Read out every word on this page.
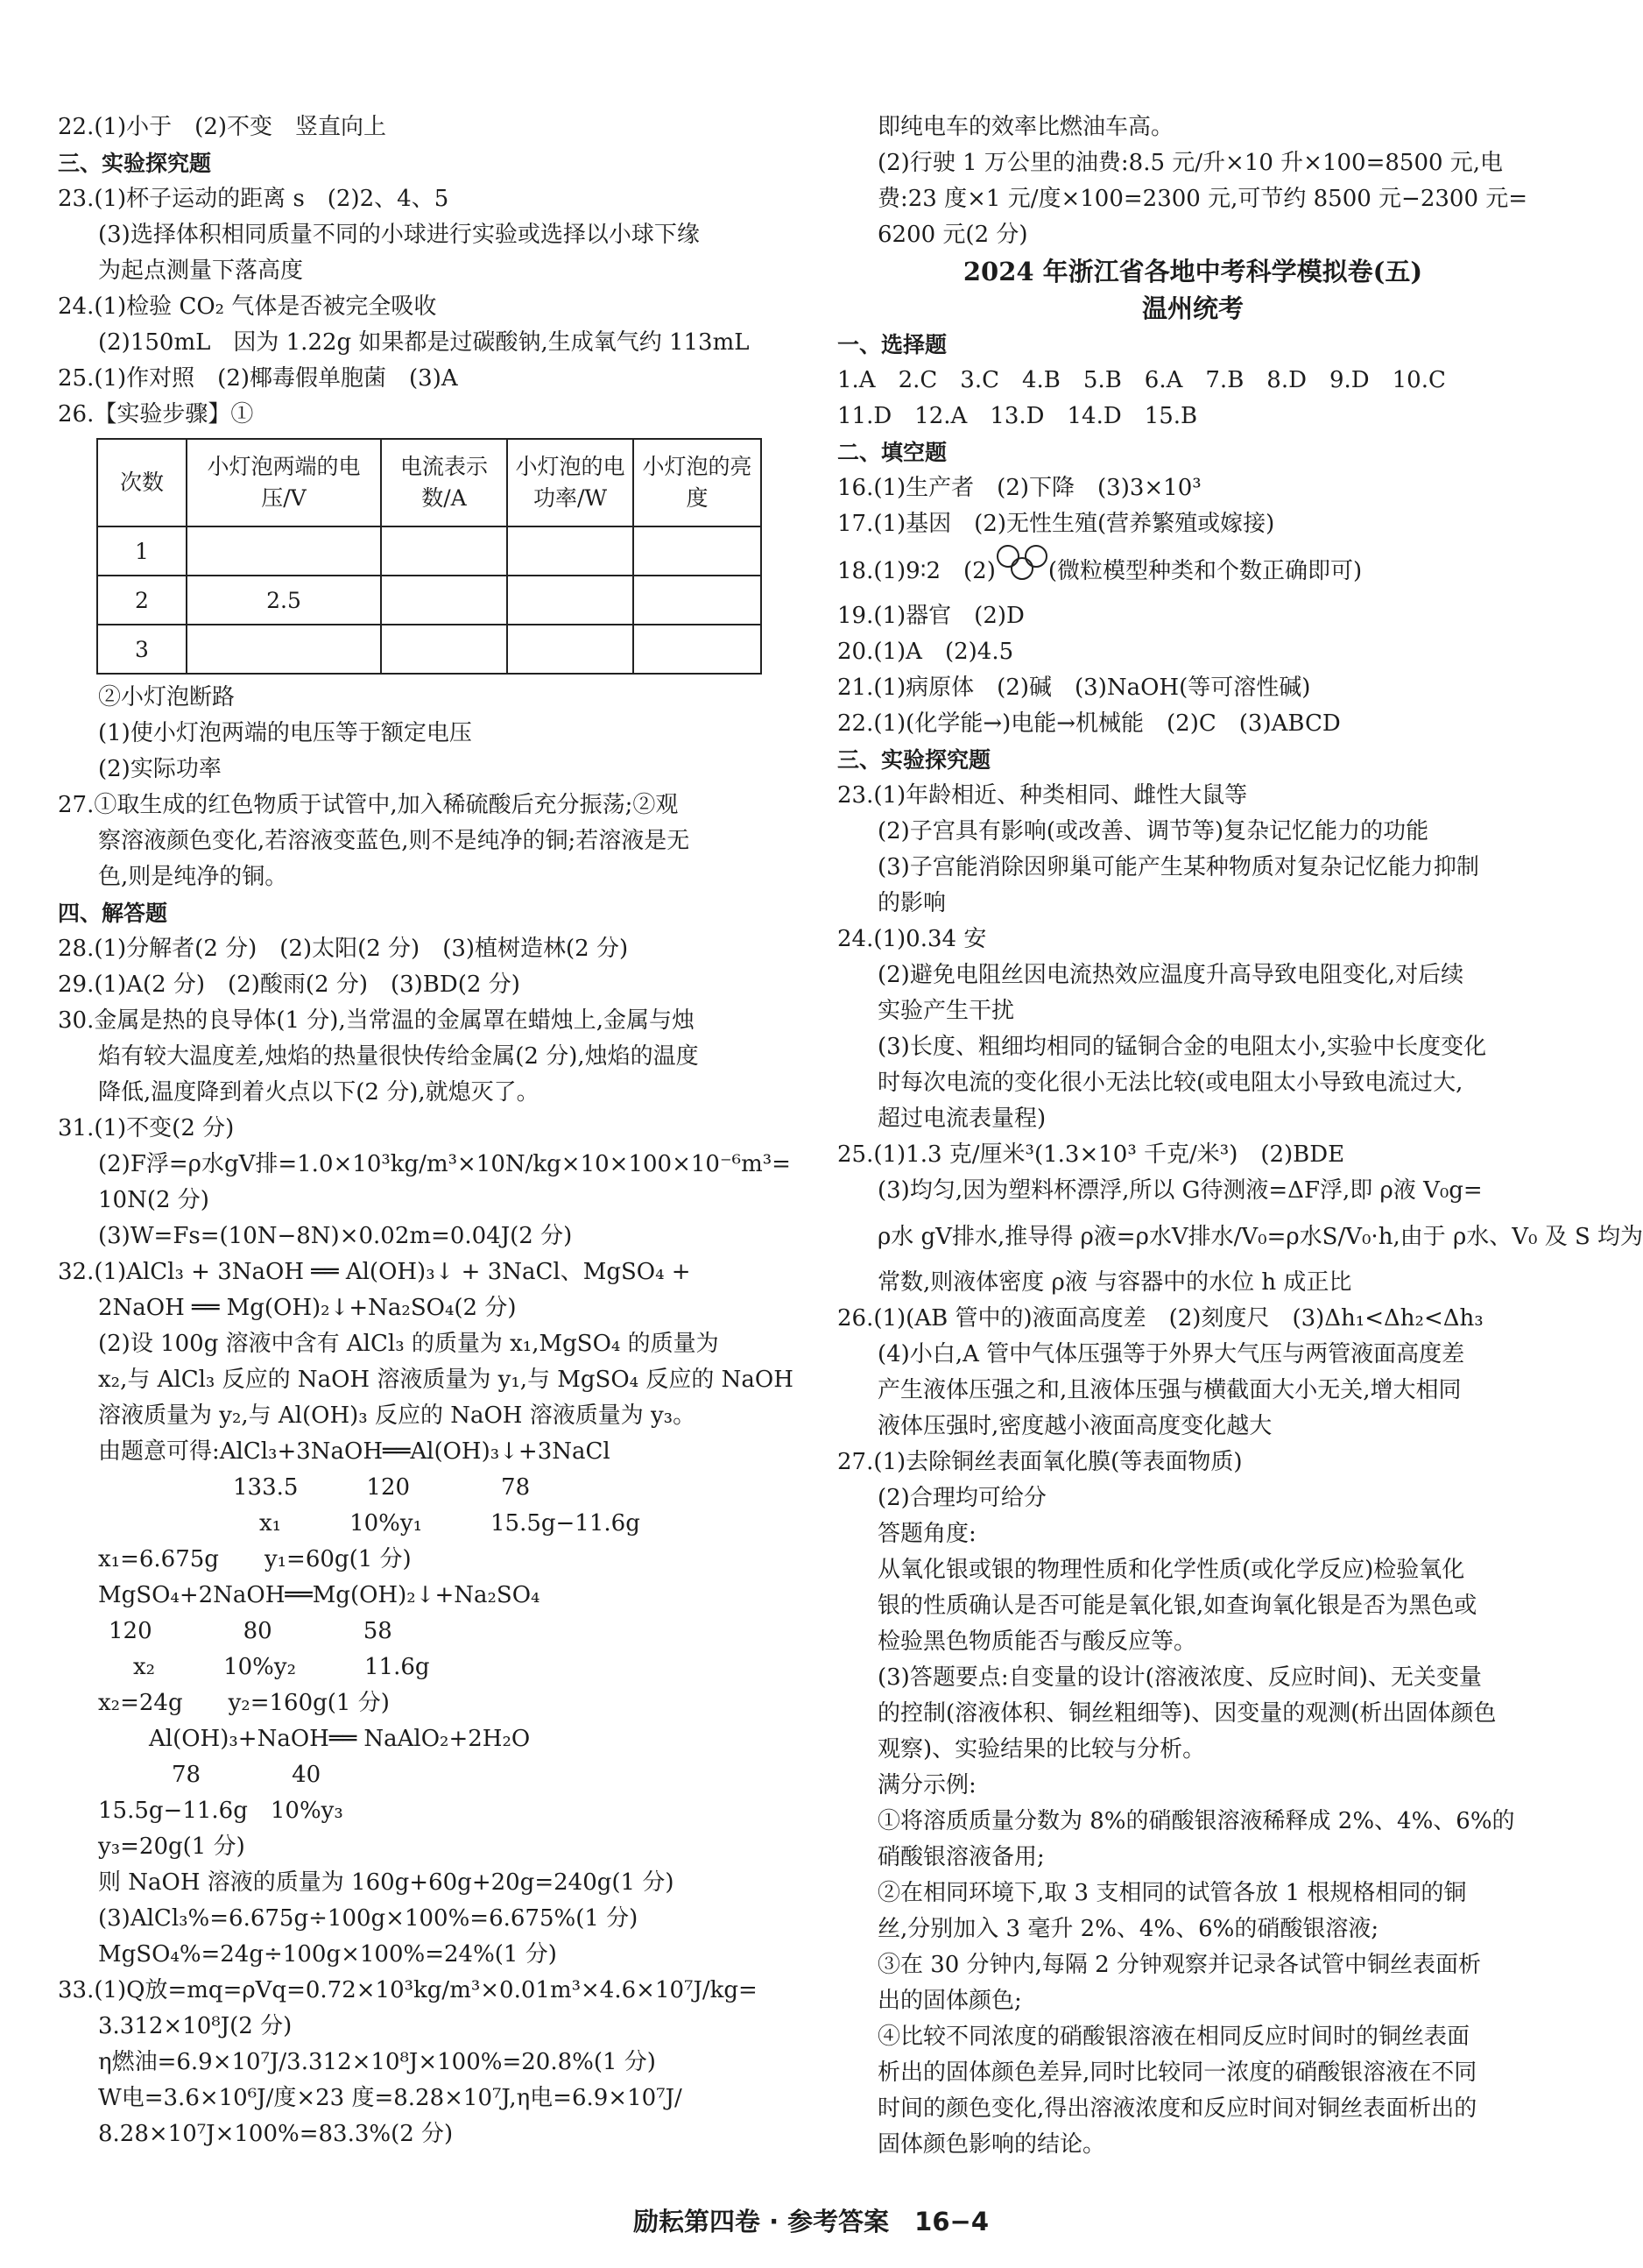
22.(1)小于　(2)不变　竖直向上
三、实验探究题
23.(1)杯子运动的距离 s　(2)2、4、5
(3)选择体积相同质量不同的小球进行实验或选择以小球下缘
为起点测量下落高度
24.(1)检验 CO₂ 气体是否被完全吸收
(2)150mL　因为 1.22g 如果都是过碳酸钠,生成氧气约 113mL
25.(1)作对照　(2)椰毒假单胞菌　(3)A
26.【实验步骤】①
次数	小灯泡两端的电压/V	电流表示数/A	小灯泡的电功率/W	小灯泡的亮度
1				
2	2.5			
3				
②小灯泡断路
(1)使小灯泡两端的电压等于额定电压
(2)实际功率
27.①取生成的红色物质于试管中,加入稀硫酸后充分振荡;②观
察溶液颜色变化,若溶液变蓝色,则不是纯净的铜;若溶液是无
色,则是纯净的铜。
四、解答题
28.(1)分解者(2 分)　(2)太阳(2 分)　(3)植树造林(2 分)
29.(1)A(2 分)　(2)酸雨(2 分)　(3)BD(2 分)
30.金属是热的良导体(1 分),当常温的金属罩在蜡烛上,金属与烛
焰有较大温度差,烛焰的热量很快传给金属(2 分),烛焰的温度
降低,温度降到着火点以下(2 分),就熄灭了。
31.(1)不变(2 分)
(2)F浮=ρ水gV排=1.0×10³kg/m³×10N/kg×10×100×10⁻⁶m³=
10N(2 分)
(3)W=Fs=(10N−8N)×0.02m=0.04J(2 分)
32.(1)AlCl₃ + 3NaOH ══ Al(OH)₃↓ + 3NaCl、MgSO₄ +
2NaOH ══ Mg(OH)₂↓+Na₂SO₄(2 分)
(2)设 100g 溶液中含有 AlCl₃ 的质量为 x₁,MgSO₄ 的质量为
x₂,与 AlCl₃ 反应的 NaOH 溶液质量为 y₁,与 MgSO₄ 反应的 NaOH
溶液质量为 y₂,与 Al(OH)₃ 反应的 NaOH 溶液质量为 y₃。
由题意可得:AlCl₃+3NaOH══Al(OH)₃↓+3NaCl
133.5　　　120　　　　78
x₁　　　10%y₁　　　15.5g−11.6g
x₁=6.675g　　y₁=60g(1 分)
MgSO₄+2NaOH══Mg(OH)₂↓+Na₂SO₄
120　　　　80　　　　58
x₂　　　10%y₂　　　11.6g
x₂=24g　　y₂=160g(1 分)
Al(OH)₃+NaOH══ NaAlO₂+2H₂O
78　　　　40
15.5g−11.6g　10%y₃
y₃=20g(1 分)
则 NaOH 溶液的质量为 160g+60g+20g=240g(1 分)
(3)AlCl₃%=6.675g÷100g×100%=6.675%(1 分)
MgSO₄%=24g÷100g×100%=24%(1 分)
33.(1)Q放=mq=ρVq=0.72×10³kg/m³×0.01m³×4.6×10⁷J/kg=
3.312×10⁸J(2 分)
η燃油=6.9×10⁷J/3.312×10⁸J×100%=20.8%(1 分)
W电=3.6×10⁶J/度×23 度=8.28×10⁷J,η电=6.9×10⁷J/
8.28×10⁷J×100%=83.3%(2 分)
即纯电车的效率比燃油车高。
(2)行驶 1 万公里的油费:8.5 元/升×10 升×100=8500 元,电
费:23 度×1 元/度×100=2300 元,可节约 8500 元−2300 元=
6200 元(2 分)
2024 年浙江省各地中考科学模拟卷(五)
温州统考
一、选择题
1.A　2.C　3.C　4.B　5.B　6.A　7.B　8.D　9.D　10.C
11.D　12.A　13.D　14.D　15.B
二、填空题
16.(1)生产者　(2)下降　(3)3×10³
17.(1)基因　(2)无性生殖(营养繁殖或嫁接)
18.(1)9∶2　(2) (微粒模型种类和个数正确即可)
19.(1)器官　(2)D
20.(1)A　(2)4.5
21.(1)病原体　(2)碱　(3)NaOH(等可溶性碱)
22.(1)(化学能→)电能→机械能　(2)C　(3)ABCD
三、实验探究题
23.(1)年龄相近、种类相同、雌性大鼠等
(2)子宫具有影响(或改善、调节等)复杂记忆能力的功能
(3)子宫能消除因卵巢可能产生某种物质对复杂记忆能力抑制
的影响
24.(1)0.34 安
(2)避免电阻丝因电流热效应温度升高导致电阻变化,对后续
实验产生干扰
(3)长度、粗细均相同的锰铜合金的电阻太小,实验中长度变化
时每次电流的变化很小无法比较(或电阻太小导致电流过大,
超过电流表量程)
25.(1)1.3 克/厘米³(1.3×10³ 千克/米³)　(2)BDE
(3)均匀,因为塑料杯漂浮,所以 G待测液=ΔF浮,即 ρ液 V₀g=
ρ水 gV排水,推导得 ρ液=ρ水V排水/V₀=ρ水S/V₀·h,由于 ρ水、V₀ 及 S 均为
常数,则液体密度 ρ液 与容器中的水位 h 成正比
26.(1)(AB 管中的)液面高度差　(2)刻度尺　(3)Δh₁<Δh₂<Δh₃
(4)小白,A 管中气体压强等于外界大气压与两管液面高度差
产生液体压强之和,且液体压强与横截面大小无关,增大相同
液体压强时,密度越小液面高度变化越大
27.(1)去除铜丝表面氧化膜(等表面物质)
(2)合理均可给分
答题角度:
从氧化银或银的物理性质和化学性质(或化学反应)检验氧化
银的性质确认是否可能是氧化银,如查询氧化银是否为黑色或
检验黑色物质能否与酸反应等。
(3)答题要点:自变量的设计(溶液浓度、反应时间)、无关变量
的控制(溶液体积、铜丝粗细等)、因变量的观测(析出固体颜色
观察)、实验结果的比较与分析。
满分示例:
①将溶质质量分数为 8%的硝酸银溶液稀释成 2%、4%、6%的
硝酸银溶液备用;
②在相同环境下,取 3 支相同的试管各放 1 根规格相同的铜
丝,分别加入 3 毫升 2%、4%、6%的硝酸银溶液;
③在 30 分钟内,每隔 2 分钟观察并记录各试管中铜丝表面析
出的固体颜色;
④比较不同浓度的硝酸银溶液在相同反应时间时的铜丝表面
析出的固体颜色差异,同时比较同一浓度的硝酸银溶液在不同
时间的颜色变化,得出溶液浓度和反应时间对铜丝表面析出的
固体颜色影响的结论。
励耘第四卷 · 参考答案　16−4
